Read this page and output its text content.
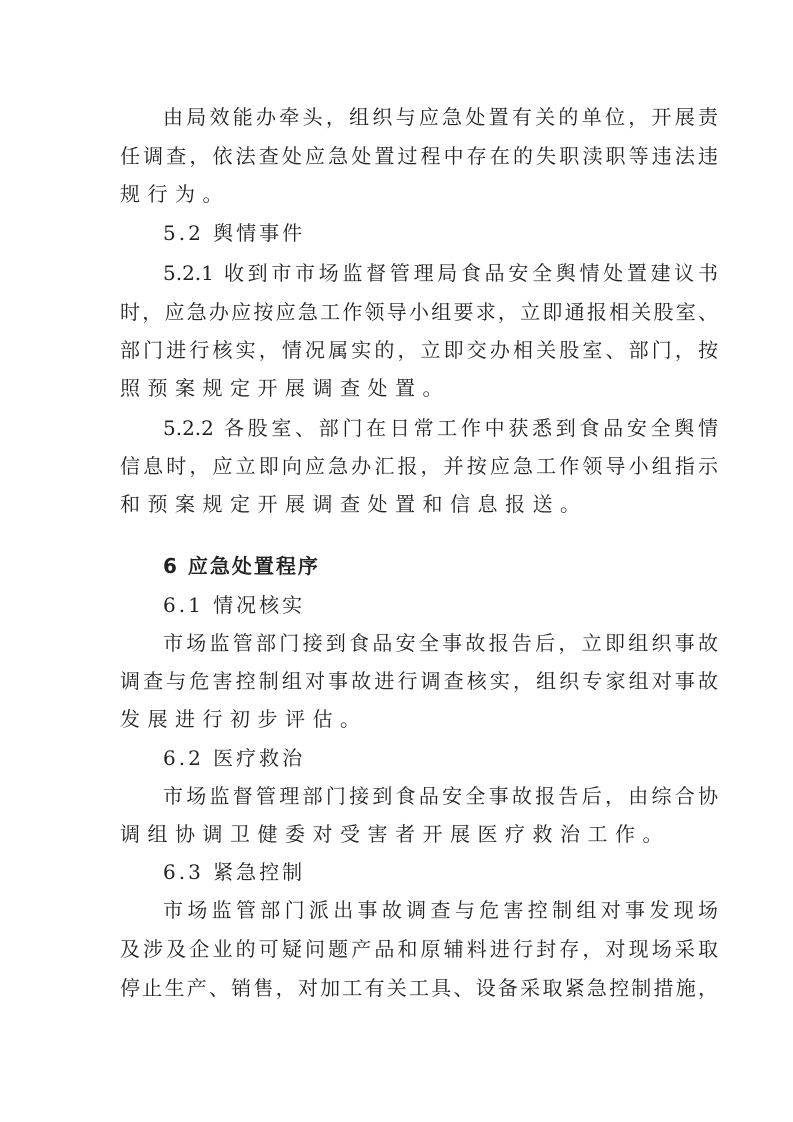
由局效能办牵头，组织与应急处置有关的单位，开展责
任调查，依法查处应急处置过程中存在的失职渎职等违法违
规行为。
5.2 舆情事件
5.2.1 收到市市场监督管理局食品安全舆情处置建议书
时，应急办应按应急工作领导小组要求，立即通报相关股室、
部门进行核实，情况属实的，立即交办相关股室、部门，按
照预案规定开展调查处置。
5.2.2 各股室、部门在日常工作中获悉到食品安全舆情
信息时，应立即向应急办汇报，并按应急工作领导小组指示
和预案规定开展调查处置和信息报送。
6 应急处置程序
6.1 情况核实
市场监管部门接到食品安全事故报告后，立即组织事故
调查与危害控制组对事故进行调查核实，组织专家组对事故
发展进行初步评估。
6.2 医疗救治
市场监督管理部门接到食品安全事故报告后，由综合协
调组协调卫健委对受害者开展医疗救治工作。
6.3 紧急控制
市场监管部门派出事故调查与危害控制组对事发现场
及涉及企业的可疑问题产品和原辅料进行封存，对现场采取
停止生产、销售，对加工有关工具、设备采取紧急控制措施，
